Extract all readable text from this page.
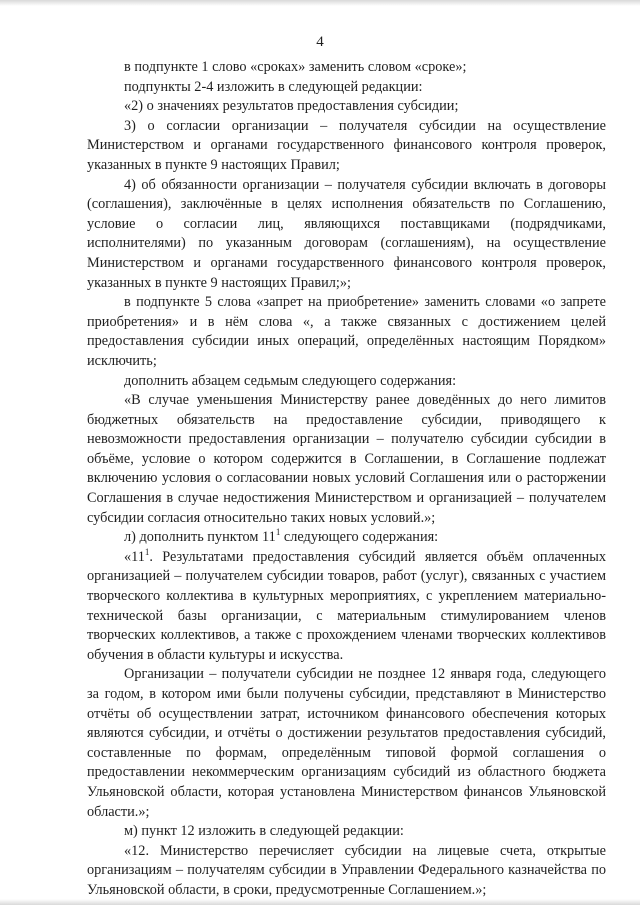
4

в подпункте 1 слово «сроках» заменить словом «сроке»;

подпункты 2-4 изложить в следующей редакции:

«2) о значениях результатов предоставления субсидии;

3) о согласии организации – получателя субсидии на осуществление Министерством и органами государственного финансового контроля проверок, указанных в пункте 9 настоящих Правил;

4) об обязанности организации – получателя субсидии включать в договоры (соглашения), заключённые в целях исполнения обязательств по Соглашению, условие о согласии лиц, являющихся поставщиками (подрядчиками, исполнителями) по указанным договорам (соглашениям), на осуществление Министерством и органами государственного финансового контроля проверок, указанных в пункте 9 настоящих Правил;»;

в подпункте 5 слова «запрет на приобретение» заменить словами «о запрете приобретения» и в нём слова «, а также связанных с достижением целей предоставления субсидии иных операций, определённых настоящим Порядком» исключить;

дополнить абзацем седьмым следующего содержания:

«В случае уменьшения Министерству ранее доведённых до него лимитов бюджетных обязательств на предоставление субсидии, приводящего к невозможности предоставления организации – получателю субсидии субсидии в объёме, условие о котором содержится в Соглашении, в Соглашение подлежат включению условия о согласовании новых условий Соглашения или о расторжении Соглашения в случае недостижения Министерством и организацией – получателем субсидии согласия относительно таких новых условий.»;

л) дополнить пунктом $11^1$ следующего содержания:

«$11^1$. Результатами предоставления субсидий является объём оплаченных организацией – получателем субсидии товаров, работ (услуг), связанных с участием творческого коллектива в культурных мероприятиях, с укреплением материально-технической базы организации, с материальным стимулированием членов творческих коллективов, а также с прохождением членами творческих коллективов обучения в области культуры и искусства.

Организации – получатели субсидии не позднее 12 января года, следующего за годом, в котором ими были получены субсидии, представляют в Министерство отчёты об осуществлении затрат, источником финансового обеспечения которых являются субсидии, и отчёты о достижении результатов предоставления субсидий, составленные по формам, определённым типовой формой соглашения о предоставлении некоммерческим организациям субсидий из областного бюджета Ульяновской области, которая установлена Министерством финансов Ульяновской области.»;

м) пункт 12 изложить в следующей редакции:

«12. Министерство перечисляет субсидии на лицевые счета, открытые организациям – получателям субсидии в Управлении Федерального казначейства по Ульяновской области, в сроки, предусмотренные Соглашением.»;
